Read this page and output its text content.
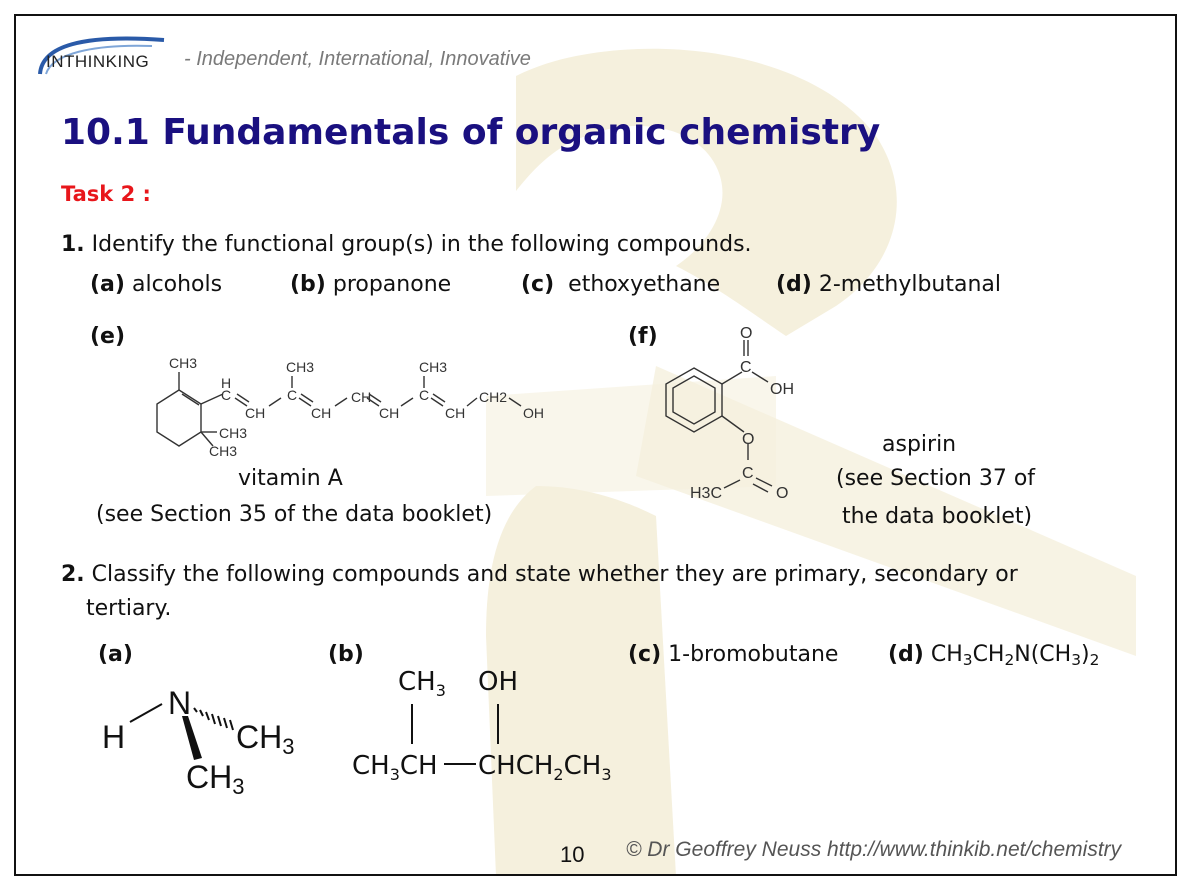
INTHINKING - Independent, International, Innovative
10.1 Fundamentals of organic chemistry
Task 2 :
1. Identify the functional group(s) in the following compounds.
(a) alcohols	(b) propanone	(c) ethoxyethane	(d) 2-methylbutanal
(e)
CH3
H
C
CH
CH3
C
CH
CH
CH
CH3
C
CH
CH2
OH
CH3
CH3
vitamin A
(see Section 35 of the data booklet)
(f)	O
C
OH
O
C
O
H3C
aspirin
(see Section 37 of
the data booklet)
2. Classify the following compounds and state whether they are primary, secondary or
tertiary.
(a)
N
H	CH3
CH3
(b)
$CH_3$ OH
$CH_3CH$ $CHCH_2CH_3$
(c) 1-bromobutane (d) $CH_3CH_2N(CH_3)_2$
10 © Dr Geoffrey Neuss http://www.thinkib.net/chemistry
